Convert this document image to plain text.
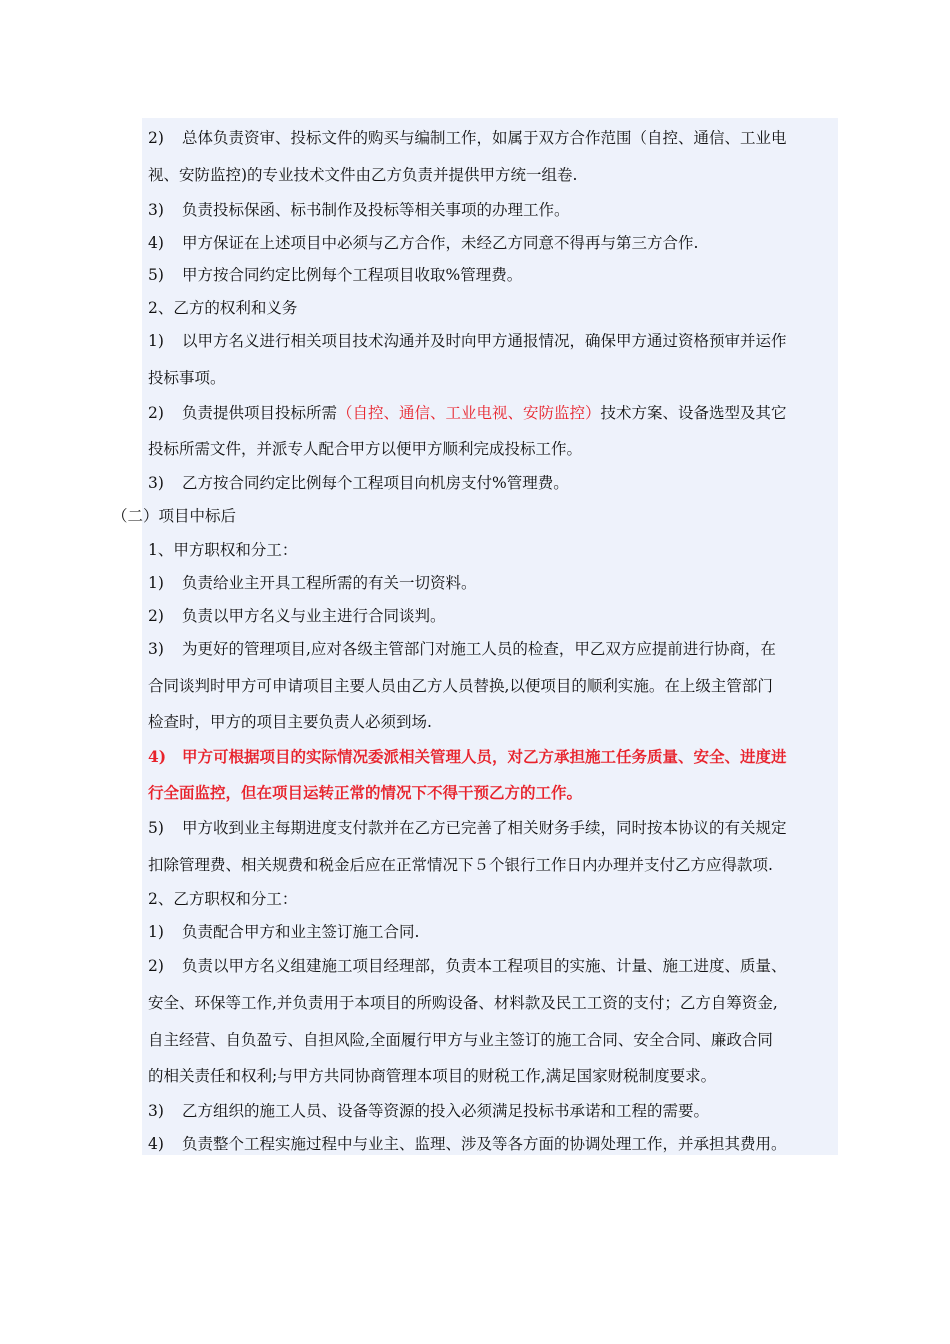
2) 总体负责资审、投标文件的购买与编制工作，如属于双方合作范围（自控、通信、工业电
视、安防监控)的专业技术文件由乙方负责并提供甲方统一组卷.
3) 负责投标保函、标书制作及投标等相关事项的办理工作。
4) 甲方保证在上述项目中必须与乙方合作，未经乙方同意不得再与第三方合作.
5) 甲方按合同约定比例每个工程项目收取%管理费。
2、乙方的权利和义务
1) 以甲方名义进行相关项目技术沟通并及时向甲方通报情况，确保甲方通过资格预审并运作
投标事项。
2) 负责提供项目投标所需（自控、通信、工业电视、安防监控）技术方案、设备选型及其它
投标所需文件，并派专人配合甲方以便甲方顺利完成投标工作。
3) 乙方按合同约定比例每个工程项目向机房支付%管理费。
（二）项目中标后
1、甲方职权和分工：
1) 负责给业主开具工程所需的有关一切资料。
2) 负责以甲方名义与业主进行合同谈判。
3) 为更好的管理项目,应对各级主管部门对施工人员的检查，甲乙双方应提前进行协商，在
合同谈判时甲方可申请项目主要人员由乙方人员替换,以便项目的顺利实施。在上级主管部门
检查时，甲方的项目主要负责人必须到场.
4) 甲方可根据项目的实际情况委派相关管理人员，对乙方承担施工任务质量、安全、进度进
行全面监控，但在项目运转正常的情况下不得干预乙方的工作。
5) 甲方收到业主每期进度支付款并在乙方已完善了相关财务手续，同时按本协议的有关规定
扣除管理费、相关规费和税金后应在正常情况下５个银行工作日内办理并支付乙方应得款项.
2、乙方职权和分工：
1) 负责配合甲方和业主签订施工合同.
2) 负责以甲方名义组建施工项目经理部，负责本工程项目的实施、计量、施工进度、质量、
安全、环保等工作,并负责用于本项目的所购设备、材料款及民工工资的支付；乙方自筹资金,
自主经营、自负盈亏、自担风险,全面履行甲方与业主签订的施工合同、安全合同、廉政合同
的相关责任和权利;与甲方共同协商管理本项目的财税工作,满足国家财税制度要求。
3) 乙方组织的施工人员、设备等资源的投入必须满足投标书承诺和工程的需要。
4) 负责整个工程实施过程中与业主、监理、涉及等各方面的协调处理工作，并承担其费用。
